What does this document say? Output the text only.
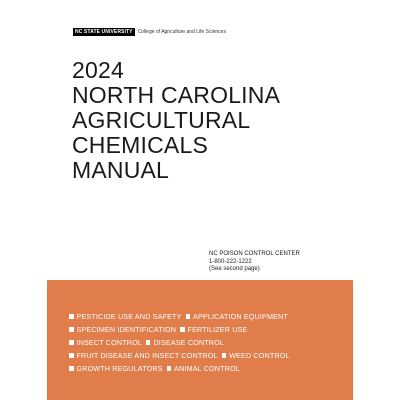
NC STATE UNIVERSITY	College of Agriculture and Life Sciences
2024
NORTH CAROLINA
AGRICULTURAL
CHEMICALS
MANUAL
NC POISON CONTROL CENTER
1-800-222-1222
(See second page)
PESTICIDE USE AND SAFETY APPLICATION EQUIPMENT
SPECIMEN IDENTIFICATION FERTILIZER USE
INSECT CONTROL DISEASE CONTROL
FRUIT DISEASE AND INSECT CONTROL WEED CONTROL
GROWTH REGULATORS ANIMAL CONTROL
